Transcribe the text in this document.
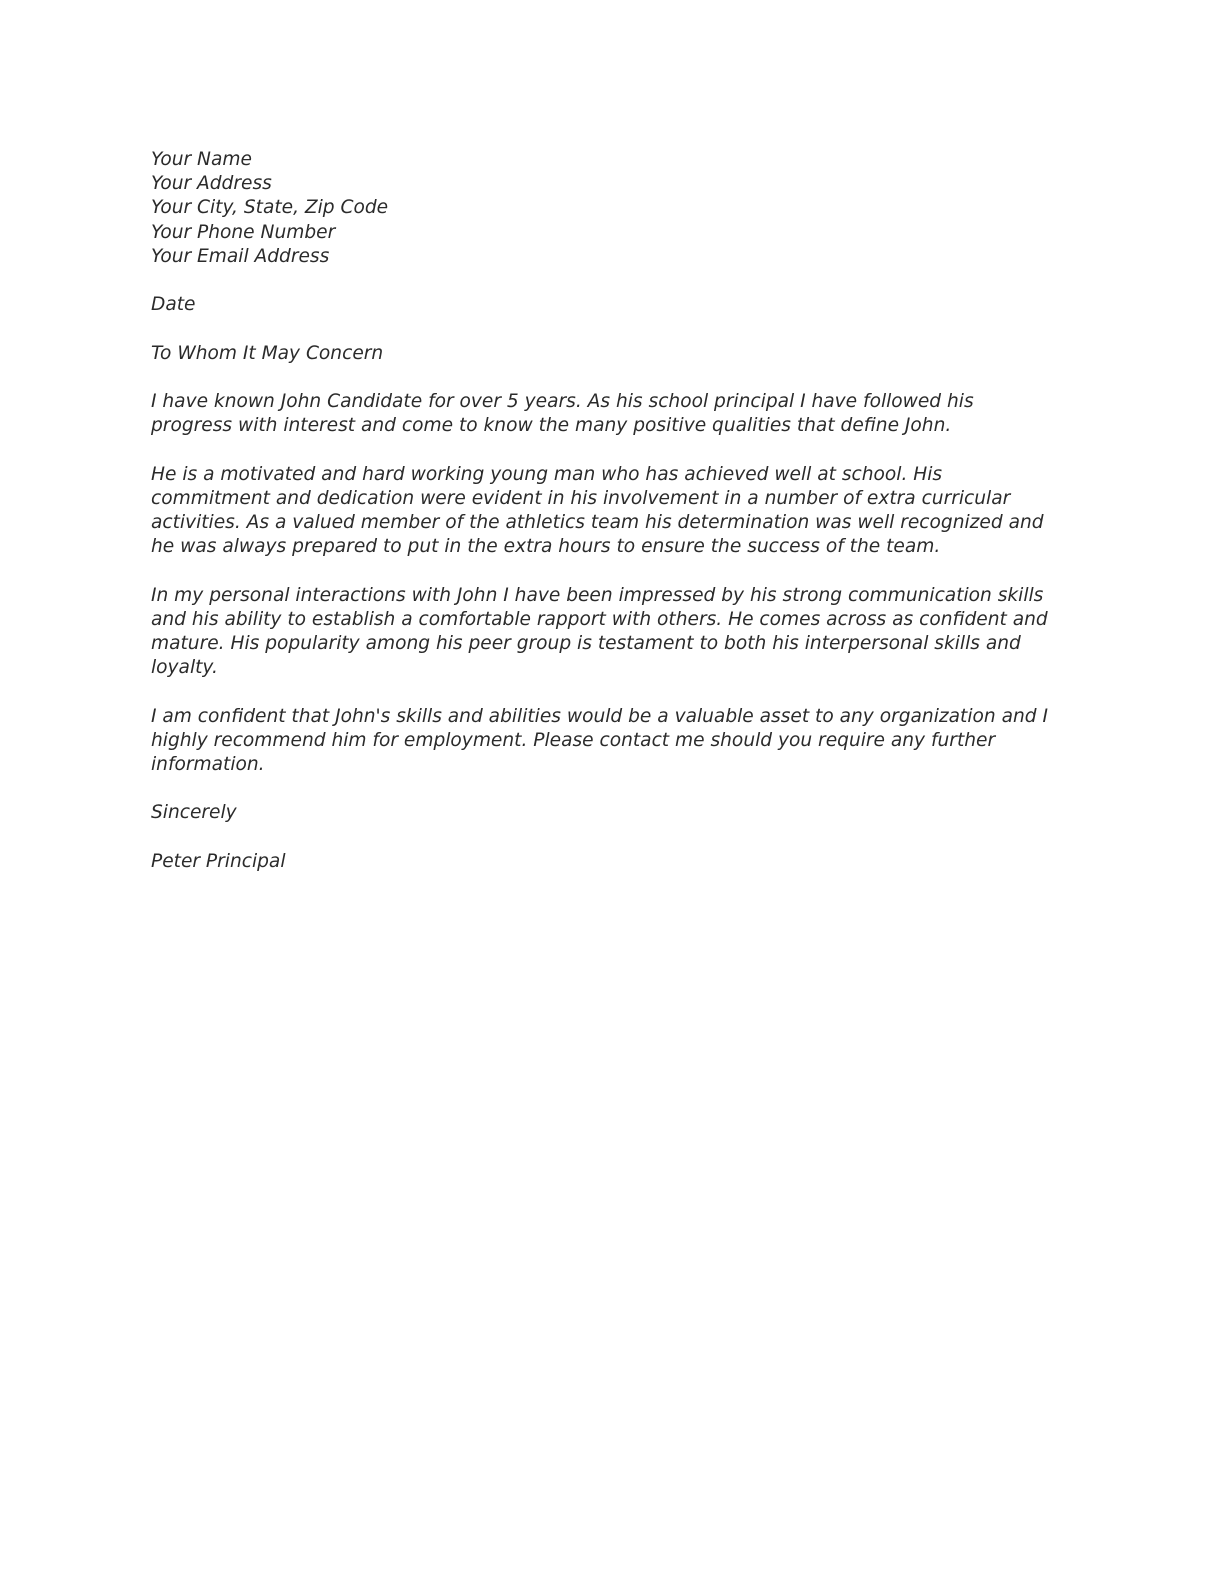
Your Name
Your Address
Your City, State, Zip Code
Your Phone Number
Your Email Address
Date
To Whom It May Concern
I have known John Candidate for over 5 years. As his school principal I have followed his progress with interest and come to know the many positive qualities that define John.
He is a motivated and hard working young man who has achieved well at school. His commitment and dedication were evident in his involvement in a number of extra curricular activities. As a valued member of the athletics team his determination was well recognized and he was always prepared to put in the extra hours to ensure the success of the team.
In my personal interactions with John I have been impressed by his strong communication skills and his ability to establish a comfortable rapport with others. He comes across as confident and mature. His popularity among his peer group is testament to both his interpersonal skills and loyalty.
I am confident that John's skills and abilities would be a valuable asset to any organization and I highly recommend him for employment. Please contact me should you require any further information.
Sincerely
Peter Principal
